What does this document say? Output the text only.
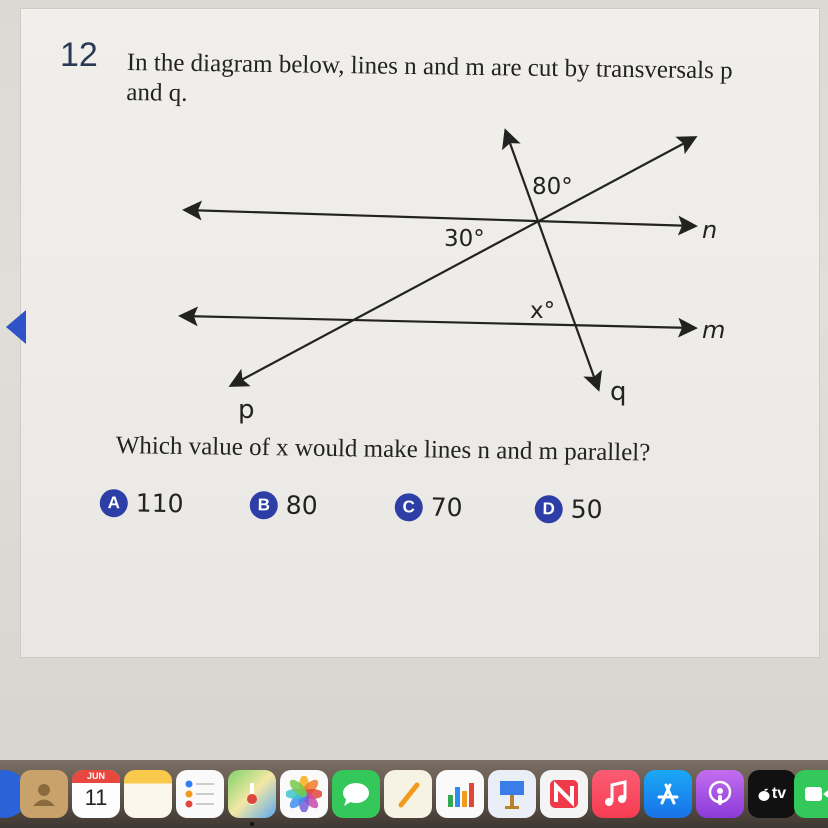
12 In the diagram below, lines n and m are cut by transversals p and q.
80°
30°
x°
n
m
p
q
Which value of x would make lines n and m parallel?
A 110	B 80	C 70	D 50
JUN
11	tv
